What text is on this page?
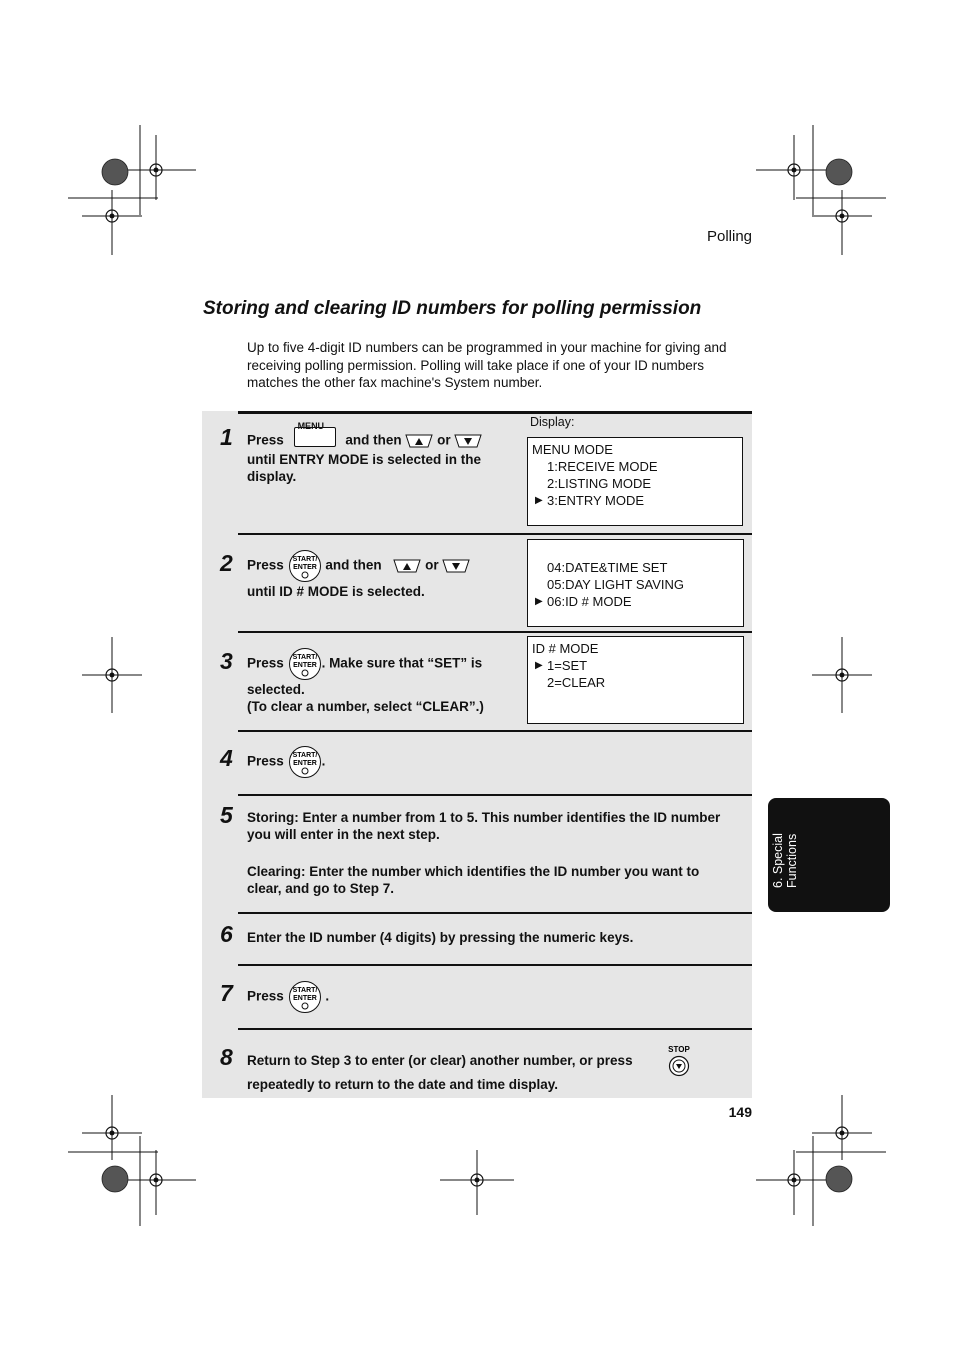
Polling
Storing and clearing ID numbers for polling permission
Up to five 4-digit ID numbers can be programmed in your machine for giving and receiving polling permission. Polling will take place if one of your ID numbers matches the other fax machine's System number.
Display:
1 Press
MENU
and then	or
until ENTRY MODE is selected in the display.
MENU MODE
1:RECEIVE MODE
2:LISTING MODE
▶ 3:ENTRY MODE
2 Press START/
ENTER and then	or
until ID # MODE is selected.
04:DATE&TIME SET
05:DAY LIGHT SAVING
▶ 06:ID # MODE
3 Press START/
ENTER . Make sure that “SET” is
selected.
(To clear a number, select “CLEAR”.)
ID # MODE
▶ 1=SET
2=CLEAR
4 Press START/
ENTER .
5 Storing: Enter a number from 1 to 5. This number identifies the ID number you will enter in the next step.
Clearing: Enter the number which identifies the ID number you want to clear, and go to Step 7.
6 Enter the ID number (4 digits) by pressing the numeric keys.
7 Press START/
ENTER .
8 Return to Step 3 to enter (or clear) another number, or press
repeatedly to return to the date and time display.
STOP
6. Special Functions
149
